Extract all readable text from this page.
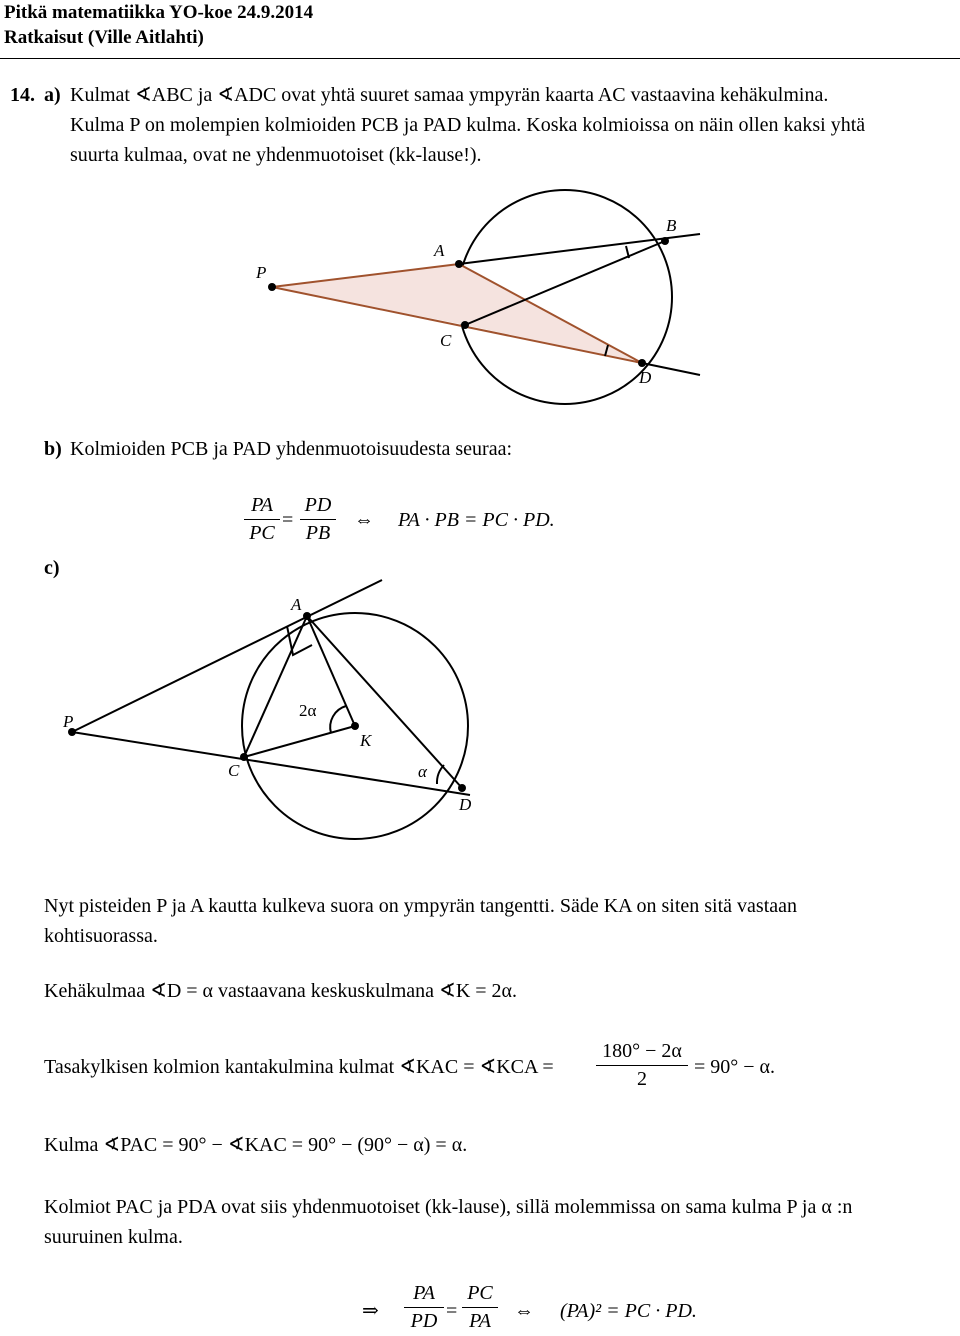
Pitkä matematiikka YO-koe 24.9.2014
Ratkaisut (Ville Aitlahti)
14. a) Kulmat ∢ABC ja ∢ADC ovat yhtä suuret samaa ympyrän kaarta AC vastaavina kehäkulmina.
Kulma P on molempien kolmioiden PCB ja PAD kulma. Koska kolmioissa on näin ollen kaksi yhtä
suurta kulmaa, ovat ne yhdenmuotoiset (kk-lause!).
P
A
B
C
D
b) Kolmioiden PCB ja PAD yhdenmuotoisuudesta seuraa:
$\frac{PA}{PC} = \frac{PD}{PB}$ ⇔ PA · PB = PC · PD.
c)
P
A
C
K
D
2α
α
Nyt pisteiden P ja A kautta kulkeva suora on ympyrän tangentti. Säde KA on siten sitä vastaan
kohtisuorassa.
Kehäkulmaa ∢D = α vastaavana keskuskulmana ∢K = 2α.
Tasakylkisen kolmion kantakulmina kulmat ∢KAC = ∢KCA = $\frac{180^\circ - 2\alpha}{2} = 90^\circ - \alpha$.
Kulma ∢PAC = 90° − ∢KAC = 90° − (90° − α) = α.
Kolmiot PAC ja PDA ovat siis yhdenmuotoiset (kk-lause), sillä molemmissa on sama kulma P ja α :n
suuruinen kulma.
⇒ $\frac{PA}{PD} = \frac{PC}{PA}$ ⇔ (PA)² = PC · PD.
